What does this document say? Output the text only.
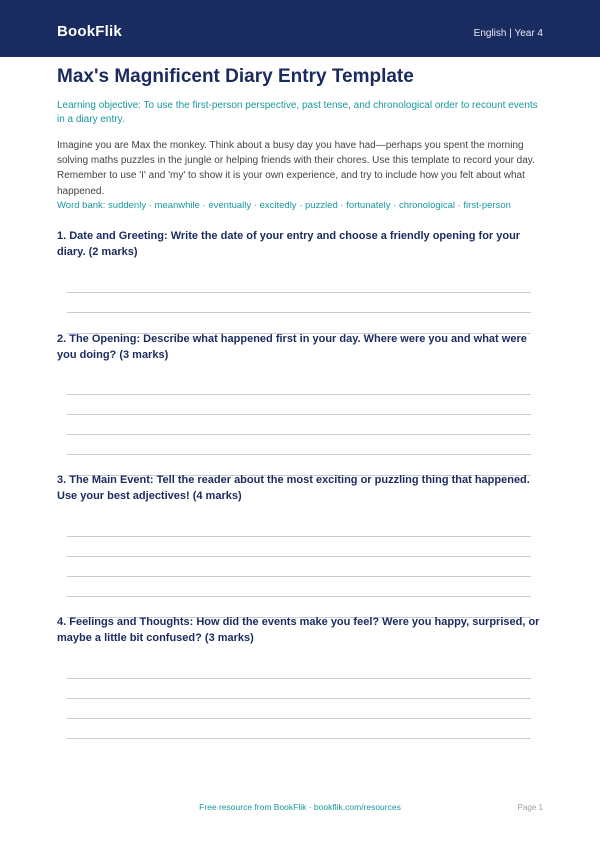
BookFlik	English | Year 4
Max's Magnificent Diary Entry Template
Learning objective: To use the first-person perspective, past tense, and chronological order to recount events in a diary entry.
Imagine you are Max the monkey. Think about a busy day you have had—perhaps you spent the morning solving maths puzzles in the jungle or helping friends with their chores. Use this template to record your day. Remember to use 'I' and 'my' to show it is your own experience, and try to include how you felt about what happened.
Word bank: suddenly · meanwhile · eventually · excitedly · puzzled · fortunately · chronological · first-person
1. Date and Greeting: Write the date of your entry and choose a friendly opening for your diary. (2 marks)
2. The Opening: Describe what happened first in your day. Where were you and what were you doing? (3 marks)
3. The Main Event: Tell the reader about the most exciting or puzzling thing that happened. Use your best adjectives! (4 marks)
4. Feelings and Thoughts: How did the events make you feel? Were you happy, surprised, or maybe a little bit confused? (3 marks)
Free resource from BookFlik · bookflik.com/resources	Page 1
